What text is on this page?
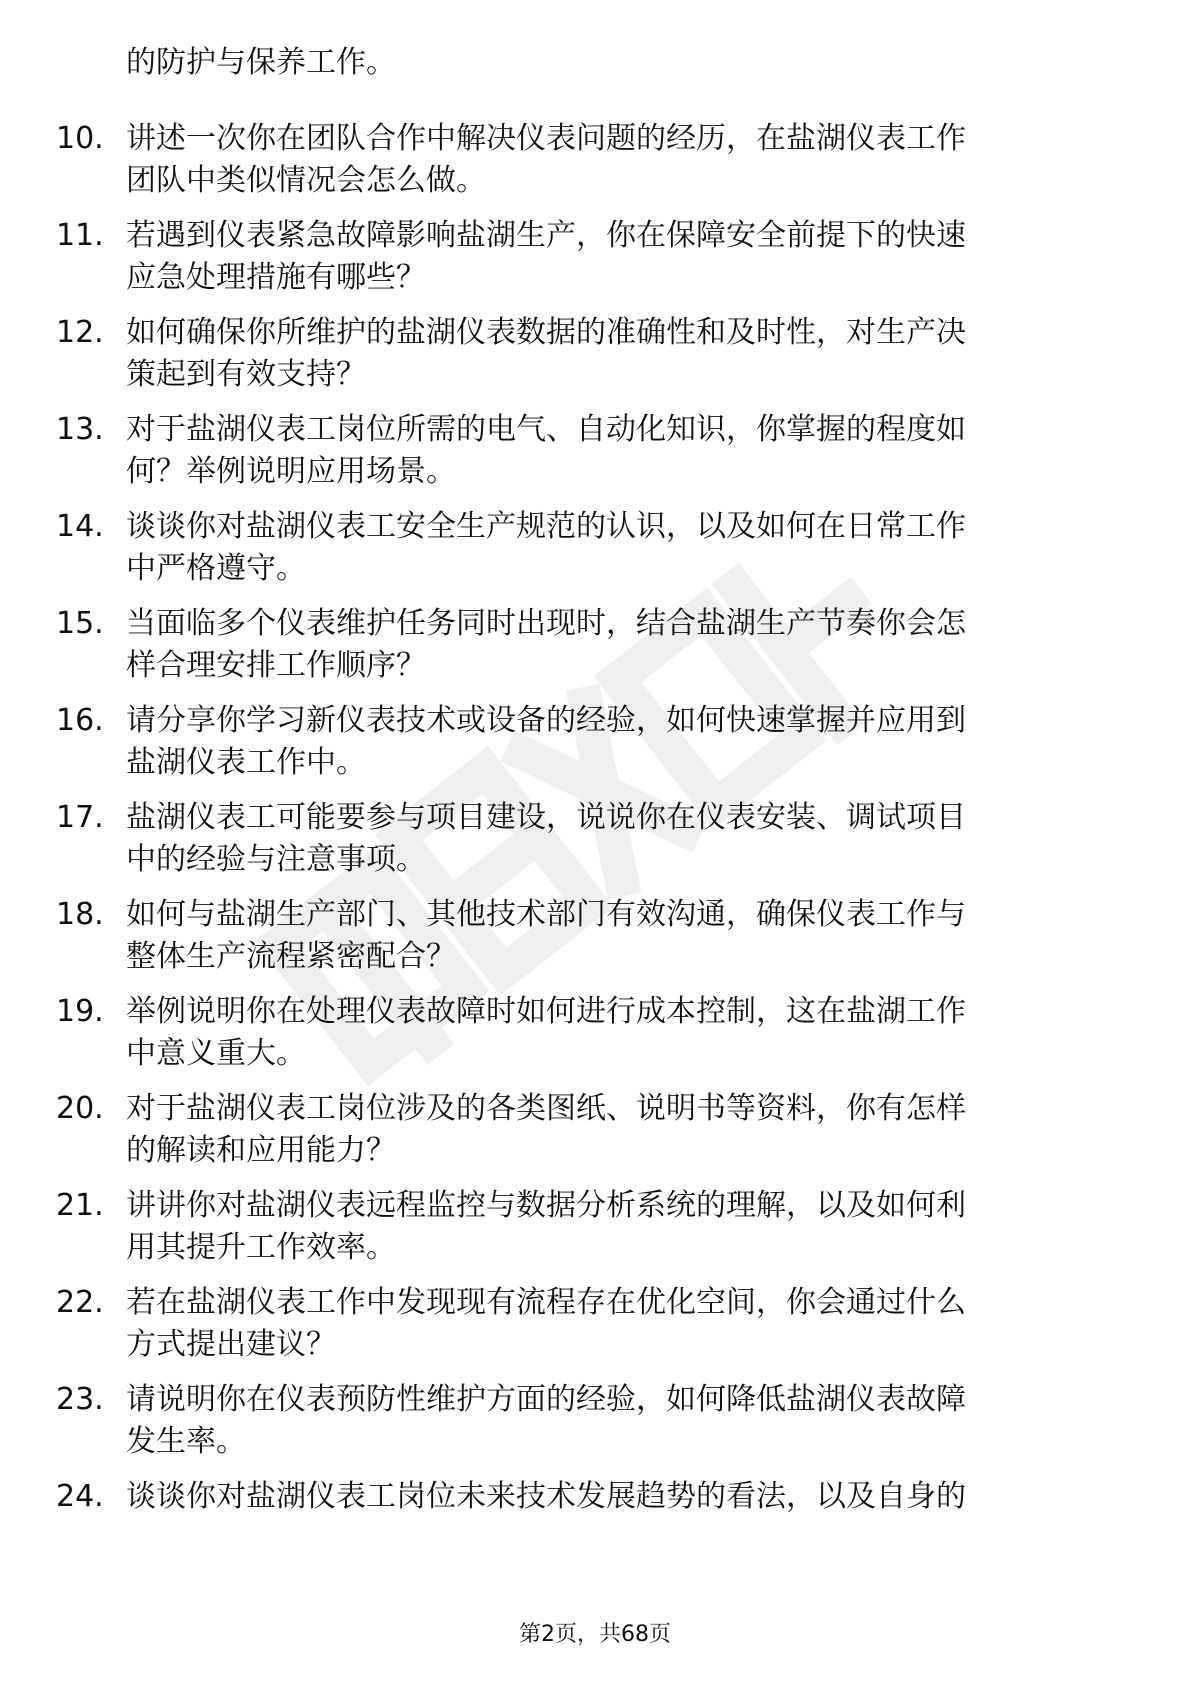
的防护与保养工作。
10. 讲述一次你在团队合作中解决仪表问题的经历，在盐湖仪表工作
团队中类似情况会怎么做。
11. 若遇到仪表紧急故障影响盐湖生产，你在保障安全前提下的快速
应急处理措施有哪些？
12. 如何确保你所维护的盐湖仪表数据的准确性和及时性，对生产决
策起到有效支持？
13. 对于盐湖仪表工岗位所需的电气、自动化知识，你掌握的程度如
何？举例说明应用场景。
14. 谈谈你对盐湖仪表工安全生产规范的认识，以及如何在日常工作
中严格遵守。
15. 当面临多个仪表维护任务同时出现时，结合盐湖生产节奏你会怎
样合理安排工作顺序？
16. 请分享你学习新仪表技术或设备的经验，如何快速掌握并应用到
盐湖仪表工作中。
17. 盐湖仪表工可能要参与项目建设，说说你在仪表安装、调试项目
中的经验与注意事项。
18. 如何与盐湖生产部门、其他技术部门有效沟通，确保仪表工作与
整体生产流程紧密配合？
19. 举例说明你在处理仪表故障时如何进行成本控制，这在盐湖工作
中意义重大。
20. 对于盐湖仪表工岗位涉及的各类图纸、说明书等资料，你有怎样
的解读和应用能力？
21. 讲讲你对盐湖仪表远程监控与数据分析系统的理解，以及如何利
用其提升工作效率。
22. 若在盐湖仪表工作中发现现有流程存在优化空间，你会通过什么
方式提出建议？
23. 请说明你在仪表预防性维护方面的经验，如何降低盐湖仪表故障
发生率。
24. 谈谈你对盐湖仪表工岗位未来技术发展趋势的看法，以及自身的
第2页，共68页
